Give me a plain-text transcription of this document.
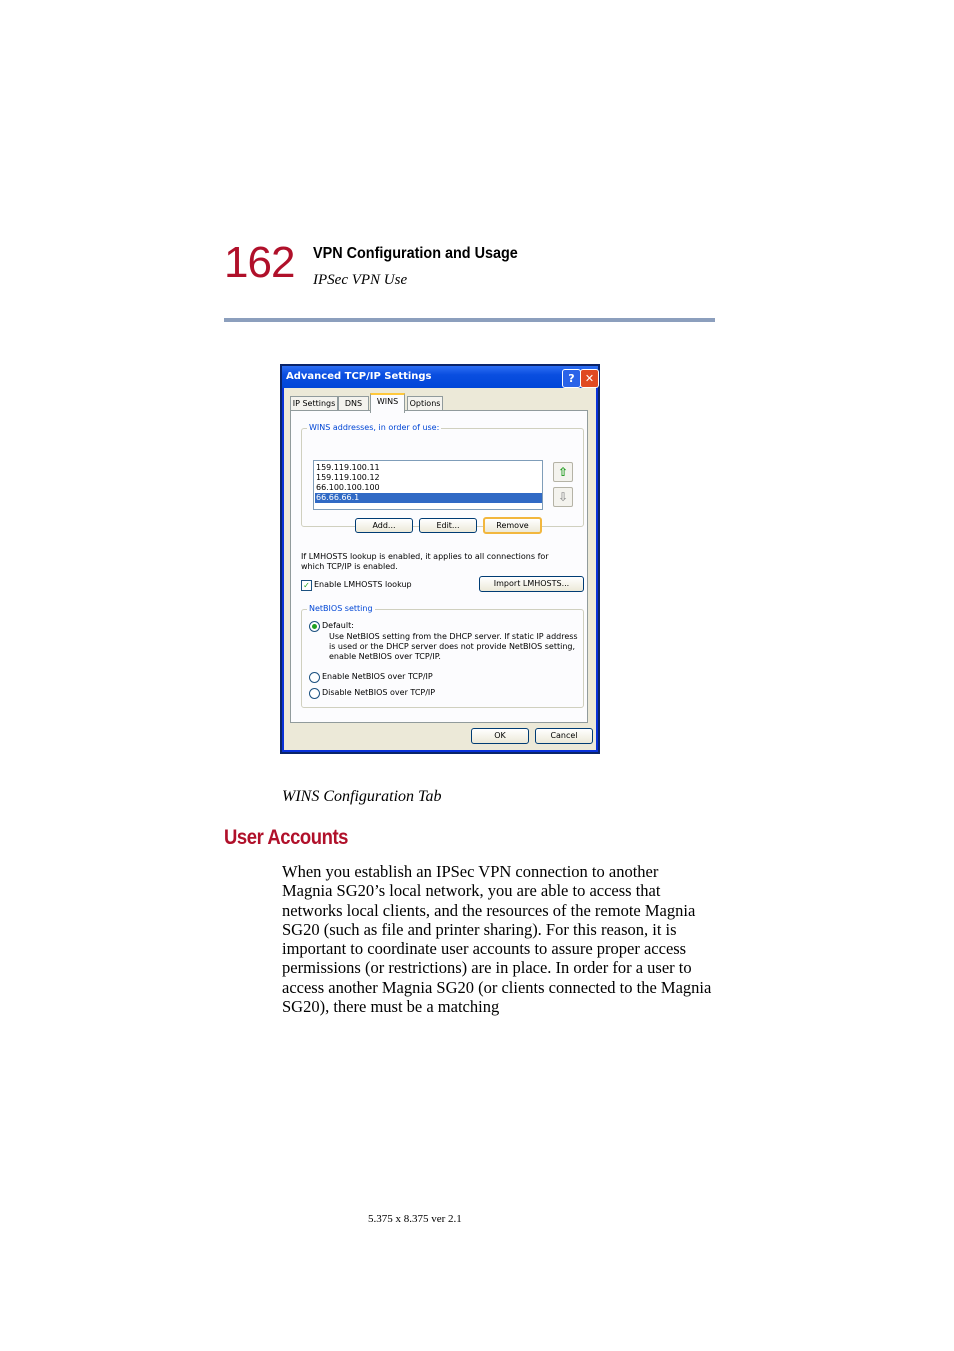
162 VPN Configuration and Usage
IPSec VPN Use
Advanced TCP/IP Settings	? ✕
IP Settings	DNS	WINS	Options
WINS addresses, in order of use:
159.119.100.11
159.119.100.12
66.100.100.100
66.66.66.1
⇧
⇩
Add...	Edit...	Remove
If LMHOSTS lookup is enabled, it applies to all connections for which TCP/IP is enabled.
✓ Enable LMHOSTS lookup	Import LMHOSTS...
NetBIOS setting
Default:
Use NetBIOS setting from the DHCP server. If static IP address is used or the DHCP server does not provide NetBIOS setting, enable NetBIOS over TCP/IP.
Enable NetBIOS over TCP/IP
Disable NetBIOS over TCP/IP
OK	Cancel
WINS Configuration Tab
User Accounts
When you establish an IPSec VPN connection to another Magnia SG20’s local network, you are able to access that networks local clients, and the resources of the remote Magnia SG20 (such as file and printer sharing). For this reason, it is important to coordinate user accounts to assure proper access permissions (or restrictions) are in place. In order for a user to access another Magnia SG20 (or clients connected to the Magnia SG20), there must be a matching
5.375 x 8.375 ver 2.1
